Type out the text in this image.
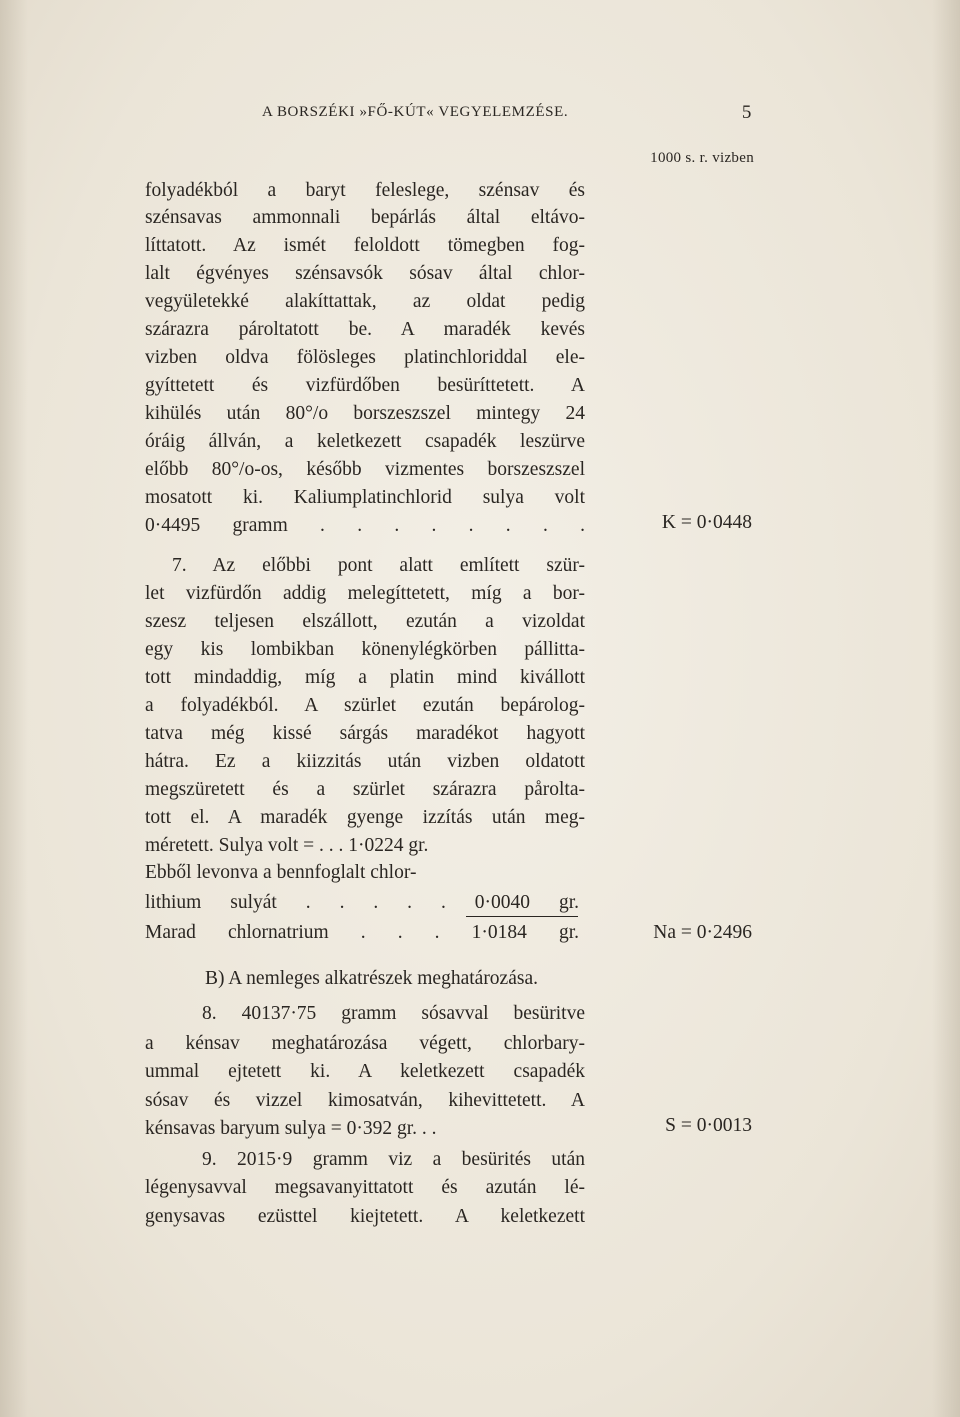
A BORSZÉKI »FŐ-KÚT« VEGYELEMZÉSE.	5
1000 s. r. vizben
folyadékból a baryt feleslege, szénsav és
szénsavas ammonnali bepárlás által eltávo-
líttatott. Az ismét feloldott tömegben fog-
lalt égvényes szénsavsók sósav által chlor-
vegyületekké alakíttattak, az oldat pedig
szárazra pároltatott be. A maradék kevés
vizben oldva fölösleges platinchloriddal ele-
gyíttetett és vizfürdőben besüríttetett. A
kihülés után 80°/o borszeszszel mintegy 24
óráig állván, a keletkezett csapadék leszürve
előbb 80°/o-os, később vizmentes borszeszszel
mosatott ki. Kaliumplatinchlorid sulya volt
0·4495 gramm . . . . . . . .	K = 0·0448
7. Az előbbi pont alatt említett szür-
let vizfürdőn addig melegíttetett, míg a bor-
szesz teljesen elszállott, ezután a vizoldat
egy kis lombikban könenylégkörben pállitta-
tott mindaddig, míg a platin mind kivállott
a folyadékból. A szürlet ezután bepárolog-
tatva még kissé sárgás maradékot hagyott
hátra. Ez a kiizzitás után vizben oldatott
megszüretett és a szürlet szárazra pårolta-
tott el. A maradék gyenge izzítás után meg-
méretett. Sulya volt = . . . 1·0224 gr.
Ebből levonva a bennfoglalt chlor-
lithium sulyát . . . . . 0·0040 gr.
Marad chlornatrium . . . 1·0184 gr.	Na = 0·2496
B) A nemleges alkatrészek meghatározása.
8. 40137·75 gramm sósavval besüritve
a kénsav meghatározása végett, chlorbary-
ummal ejtetett ki. A keletkezett csapadék
sósav és vizzel kimosatván, kihevittetett. A
kénsavas baryum sulya = 0·392 gr. . .	S = 0·0013
9. 2015·9 gramm viz a besürités után
légenysavval megsavanyittatott és azután lé-
genysavas ezüsttel kiejtetett. A keletkezett
